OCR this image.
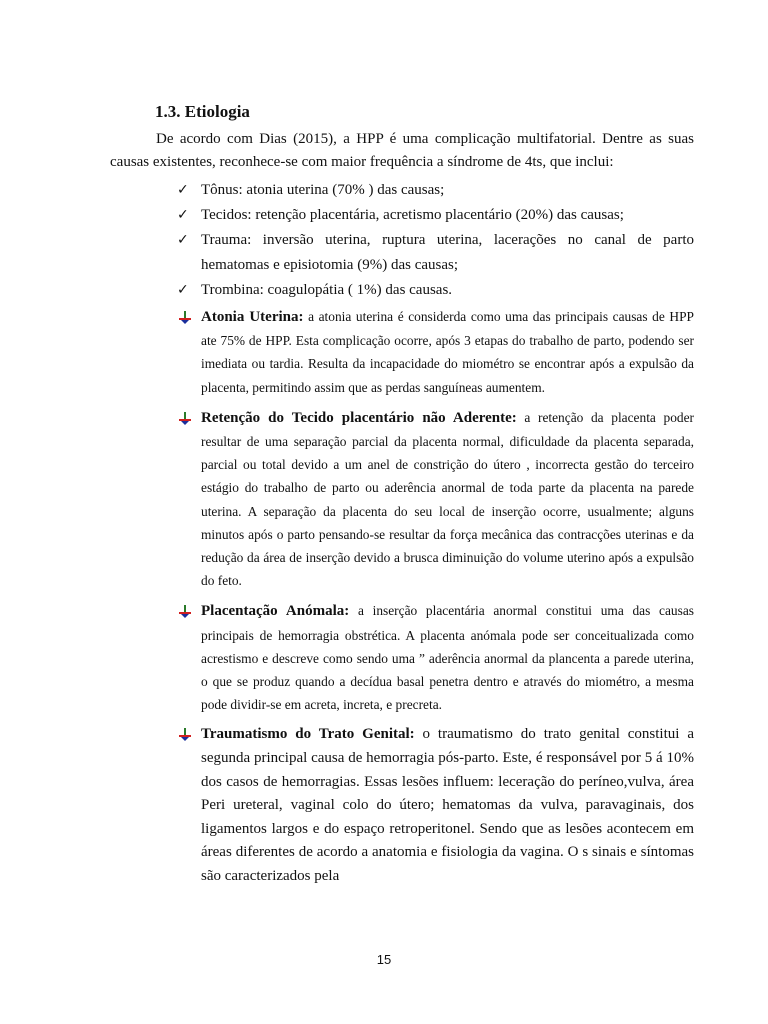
1.3. Etiologia

De acordo com Dias (2015), a HPP é uma complicação multifatorial. Dentre as suas causas existentes, reconhece-se com maior frequência a síndrome de 4ts, que inclui:

✓ Tônus: atonia uterina (70% ) das causas;
✓ Tecidos: retenção placentária, acretismo placentário (20%) das causas;
✓ Trauma: inversão uterina, ruptura uterina, lacerações no canal de parto hematomas e episiotomia (9%) das causas;
✓ Trombina: coagulopátia ( 1%) das causas.
Atonia Uterina: a atonia uterina é considerda como uma das principais causas de HPP ate 75% de HPP. Esta complicação ocorre, após 3 etapas do trabalho de parto, podendo ser imediata ou tardia. Resulta da incapacidade do miométro se encontrar após a expulsão da placenta, permitindo assim que as perdas sanguíneas aumentem.
Retenção do Tecido placentário não Aderente: a retenção da placenta poder resultar de uma separação parcial da placenta normal, dificuldade da placenta separada, parcial ou total devido a um anel de constrição do útero , incorrecta gestão do terceiro estágio do trabalho de parto ou aderência anormal de toda parte da placenta na parede uterina. A separação da placenta do seu local de inserção ocorre, usualmente; alguns minutos após o parto pensando-se resultar da força mecânica das contracções uterinas e da redução da área de inserção devido a brusca diminuição do volume uterino após a expulsão do feto.
Placentação Anómala: a inserção placentária anormal constitui uma das causas principais de hemorragia obstrética. A placenta anómala pode ser conceitualizada como acrestismo e descreve como sendo uma ” aderência anormal da plancenta a parede uterina, o que se produz quando a decídua basal penetra dentro e através do miométro, a mesma pode dividir-se em acreta, increta, e precreta.
Traumatismo do Trato Genital: o traumatismo do trato genital constitui a segunda principal causa de hemorragia pós-parto. Este, é responsável por 5 á 10% dos casos de hemorragias. Essas lesões influem: leceração do períneo,vulva, área Peri ureteral, vaginal colo do útero; hematomas da vulva, paravaginais, dos ligamentos largos e do espaço retroperitonel. Sendo que as lesões acontecem em áreas diferentes de acordo a anatomia e fisiologia da vagina. O s sinais e síntomas são caracterizados pela
15
